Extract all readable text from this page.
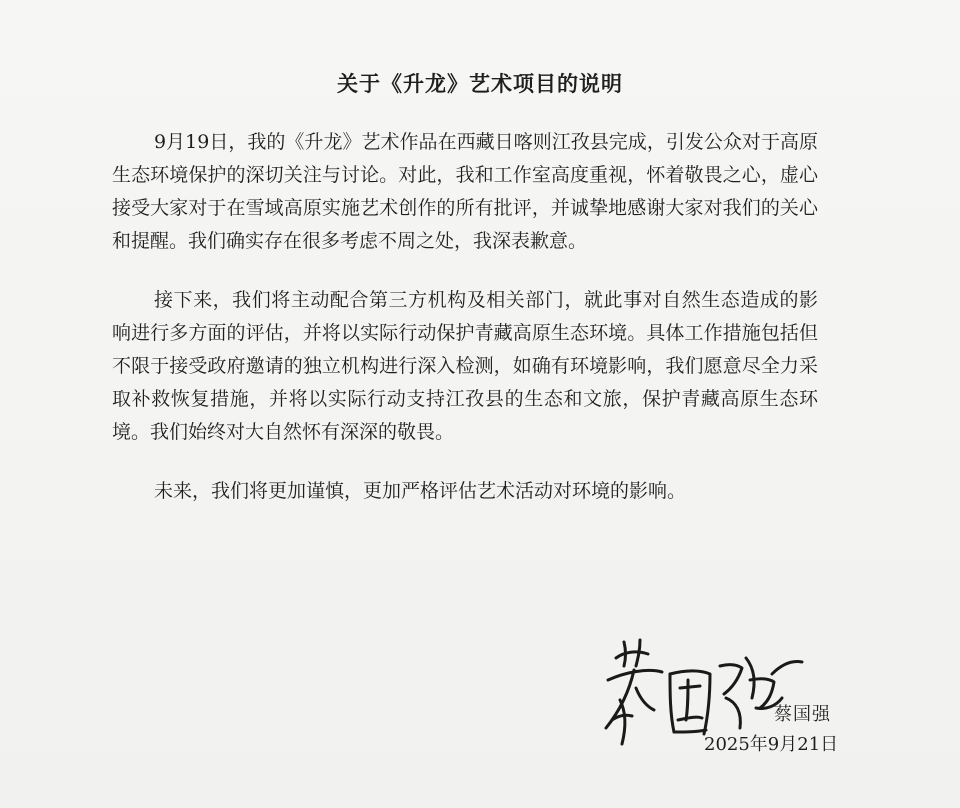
关于《升龙》艺术项目的说明

9月19日，我的《升龙》艺术作品在西藏日喀则江孜县完成，引发公众对于高原生态环境保护的深切关注与讨论。对此，我和工作室高度重视，怀着敬畏之心，虚心接受大家对于在雪域高原实施艺术创作的所有批评，并诚挚地感谢大家对我们的关心和提醒。我们确实存在很多考虑不周之处，我深表歉意。

接下来，我们将主动配合第三方机构及相关部门，就此事对自然生态造成的影响进行多方面的评估，并将以实际行动保护青藏高原生态环境。具体工作措施包括但不限于接受政府邀请的独立机构进行深入检测，如确有环境影响，我们愿意尽全力采取补救恢复措施，并将以实际行动支持江孜县的生态和文旅，保护青藏高原生态环境。我们始终对大自然怀有深深的敬畏。

未来，我们将更加谨慎，更加严格评估艺术活动对环境的影响。

蔡国强
2025年9月21日
